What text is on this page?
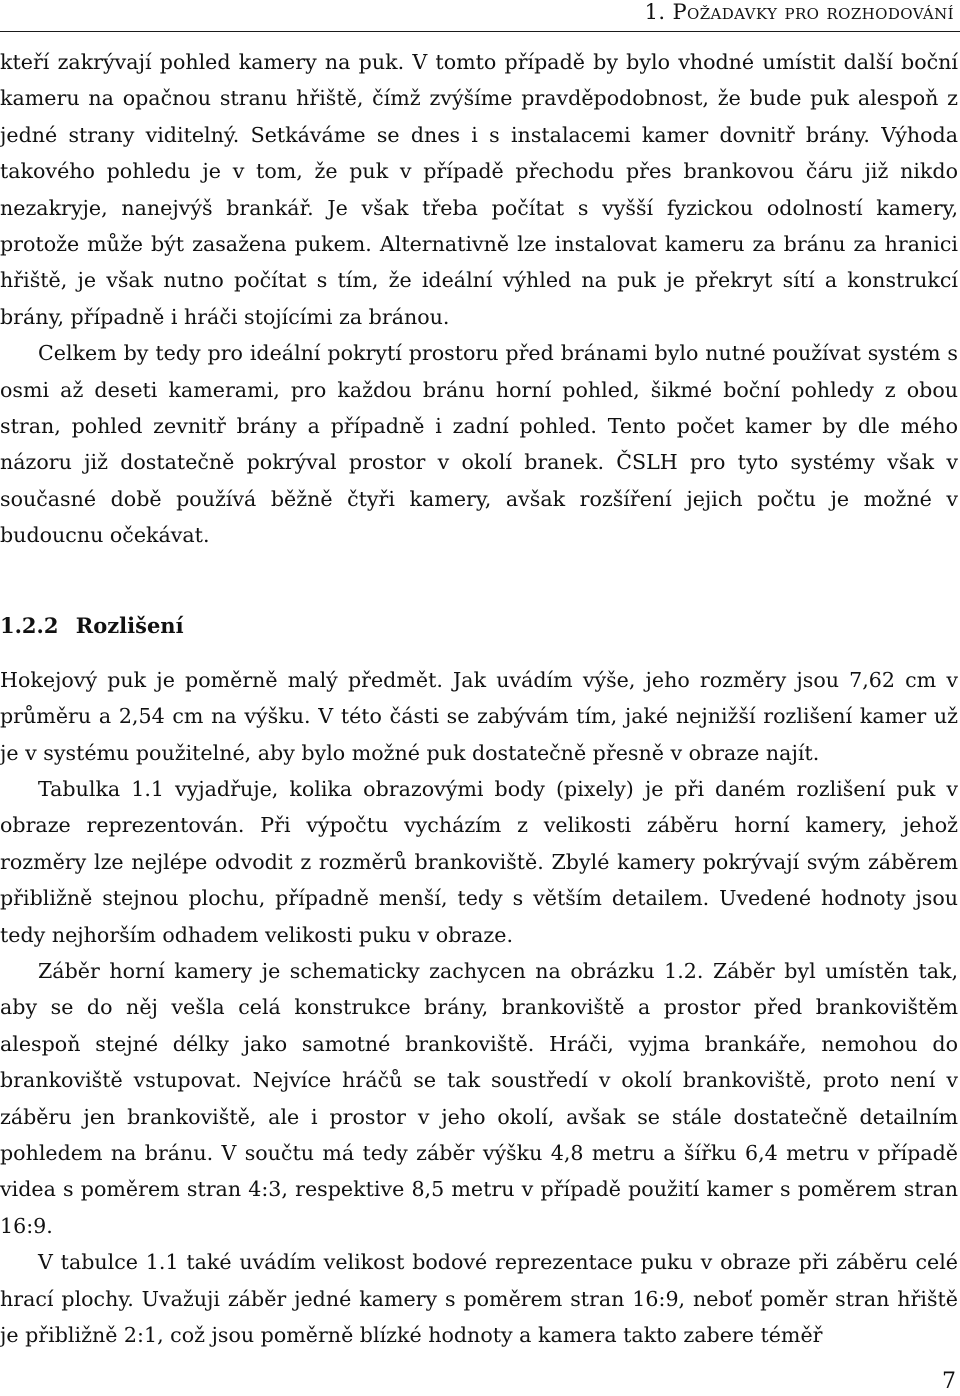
1. Požadavky pro rozhodování

kteří zakrývají pohled kamery na puk. V tomto případě by bylo vhodné umístit další boční kameru na opačnou stranu hřiště, čímž zvýšíme pravděpodobnost, že bude puk alespoň z jedné strany viditelný. Setkáváme se dnes i s instalacemi kamer dovnitř brány. Výhoda takového pohledu je v tom, že puk v případě přechodu přes brankovou čáru již nikdo nezakryje, nanejvýš brankář. Je však třeba počítat s vyšší fyzickou odolností kamery, protože může být zasažena pukem. Alternativně lze instalovat kameru za bránu za hranici hřiště, je však nutno počítat s tím, že ideální výhled na puk je překryt sítí a konstrukcí brány, případně i hráči stojícími za bránou.

Celkem by tedy pro ideální pokrytí prostoru před bránami bylo nutné používat systém s osmi až deseti kamerami, pro každou bránu horní pohled, šikmé boční pohledy z obou stran, pohled zevnitř brány a případně i zadní pohled. Tento počet kamer by dle mého názoru již dostatečně pokrýval prostor v okolí branek. ČSLH pro tyto systémy však v současné době používá běžně čtyři kamery, avšak rozšíření jejich počtu je možné v budoucnu očekávat.

1.2.2 Rozlišení

Hokejový puk je poměrně malý předmět. Jak uvádím výše, jeho rozměry jsou 7,62 cm v průměru a 2,54 cm na výšku. V této části se zabývám tím, jaké nejnižší rozlišení kamer už je v systému použitelné, aby bylo možné puk dostatečně přesně v obraze najít.

Tabulka 1.1 vyjadřuje, kolika obrazovými body (pixely) je při daném rozlišení puk v obraze reprezentován. Při výpočtu vycházím z velikosti záběru horní kamery, jehož rozměry lze nejlépe odvodit z rozměrů brankoviště. Zbylé kamery pokrývají svým záběrem přibližně stejnou plochu, případně menší, tedy s větším detailem. Uvedené hodnoty jsou tedy nejhorším odhadem velikosti puku v obraze.

Záběr horní kamery je schematicky zachycen na obrázku 1.2. Záběr byl umístěn tak, aby se do něj vešla celá konstrukce brány, brankoviště a prostor před brankovištěm alespoň stejné délky jako samotné brankoviště. Hráči, vyjma brankáře, nemohou do brankoviště vstupovat. Nejvíce hráčů se tak soustředí v okolí brankoviště, proto není v záběru jen brankoviště, ale i prostor v jeho okolí, avšak se stále dostatečně detailním pohledem na bránu. V součtu má tedy záběr výšku 4,8 metru a šířku 6,4 metru v případě videa s poměrem stran 4:3, respektive 8,5 metru v případě použití kamer s poměrem stran 16:9.

V tabulce 1.1 také uvádím velikost bodové reprezentace puku v obraze při záběru celé hrací plochy. Uvažuji záběr jedné kamery s poměrem stran 16:9, neboť poměr stran hřiště je přibližně 2:1, což jsou poměrně blízké hodnoty a kamera takto zabere téměř

7
